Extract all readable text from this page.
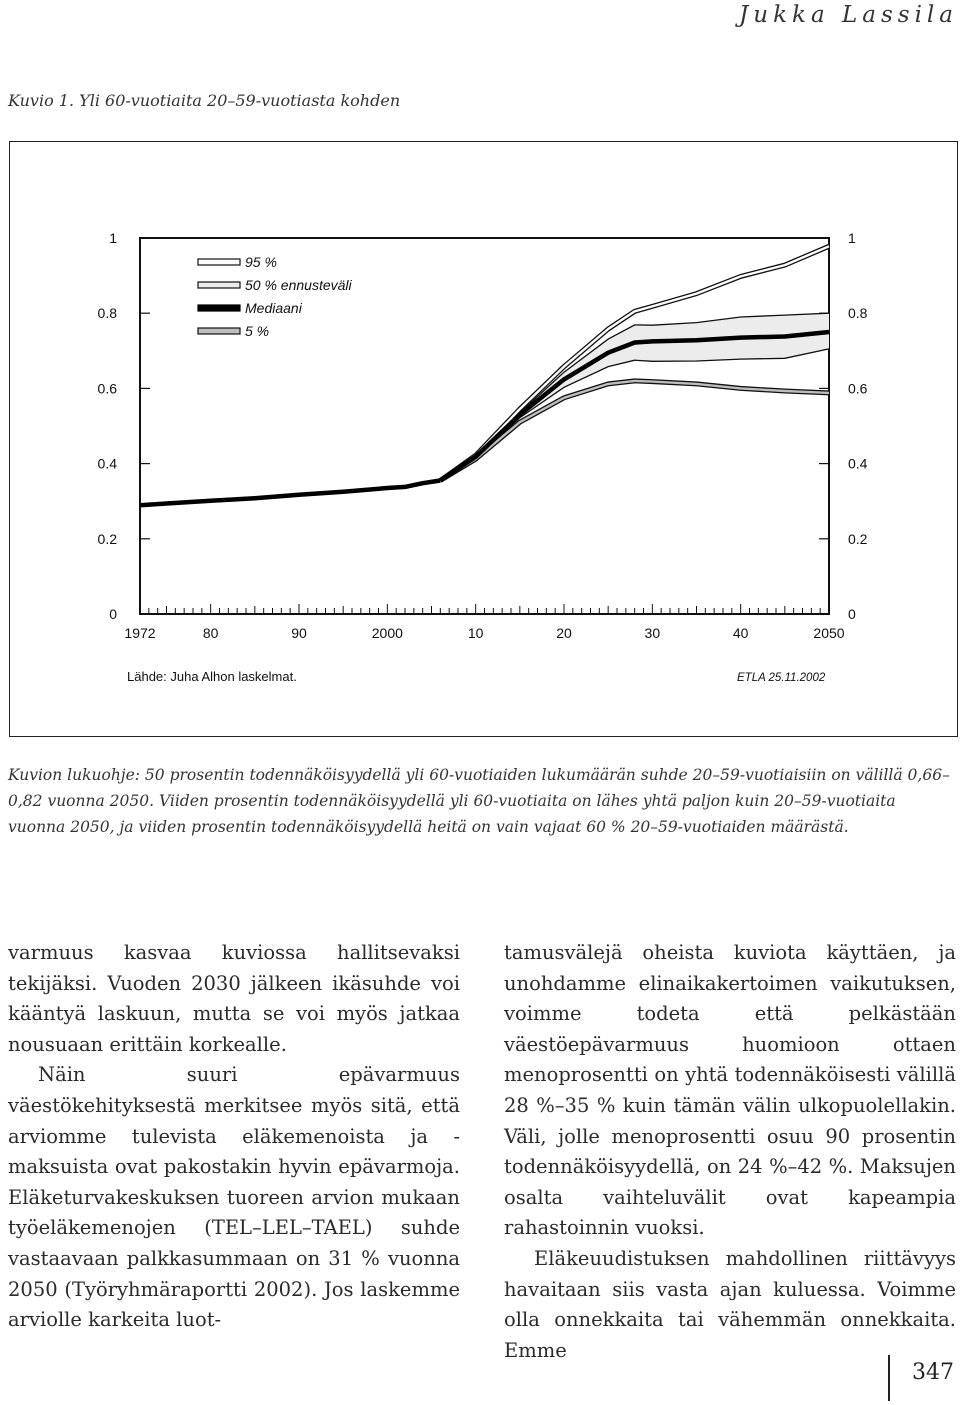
Jukka Lassila
Kuvio 1. Yli 60-vuotiaita 20–59-vuotiasta kohden
0
0.2
0.4
0.6
0.8
1
0
0.2
0.4
0.6
0.8
1
1972	80	90	2000	10	20	30	40	2050
95 %
50 % ennusteväli
Mediaani
5 %
Lähde: Juha Alhon laskelmat.	ETLA 25.11.2002
Kuvion lukuohje: 50 prosentin todennäköisyydellä yli 60-vuotiaiden lukumäärän suhde 20–59-vuotiaisiin on välillä 0,66–0,82 vuonna 2050. Viiden prosentin todennäköisyydellä yli 60-vuotiaita on lähes yhtä paljon kuin 20–59-vuotiaita vuonna 2050, ja viiden prosentin todennäköisyydellä heitä on vain vajaat 60 % 20–59-vuotiaiden määrästä.

varmuus kasvaa kuviossa hallitsevaksi tekijäksi. Vuoden 2030 jälkeen ikäsuhde voi kääntyä laskuun, mutta se voi myös jatkaa nousuaan erittäin korkealle.

Näin suuri epävarmuus väestökehityksestä merkitsee myös sitä, että arviomme tulevista eläkemenoista ja -maksuista ovat pakostakin hyvin epävarmoja. Eläketurvakeskuksen tuoreen arvion mukaan työeläkemenojen (TEL–LEL–TAEL) suhde vastaavaan palkkasummaan on 31 % vuonna 2050 (Työryhmäraportti 2002). Jos laskemme arviolle karkeita luot-

tamusvälejä oheista kuviota käyttäen, ja unohdamme elinaikakertoimen vaikutuksen, voimme todeta että pelkästään väestöepävarmuus huomioon ottaen menoprosentti on yhtä todennäköisesti välillä 28 %–35 % kuin tämän välin ulkopuolellakin. Väli, jolle menoprosentti osuu 90 prosentin todennäköisyydellä, on 24 %–42 %. Maksujen osalta vaihteluvälit ovat kapeampia rahastoinnin vuoksi.

Eläkeuudistuksen mahdollinen riittävyys havaitaan siis vasta ajan kuluessa. Voimme olla onnekkaita tai vähemmän onnekkaita. Emme

347
